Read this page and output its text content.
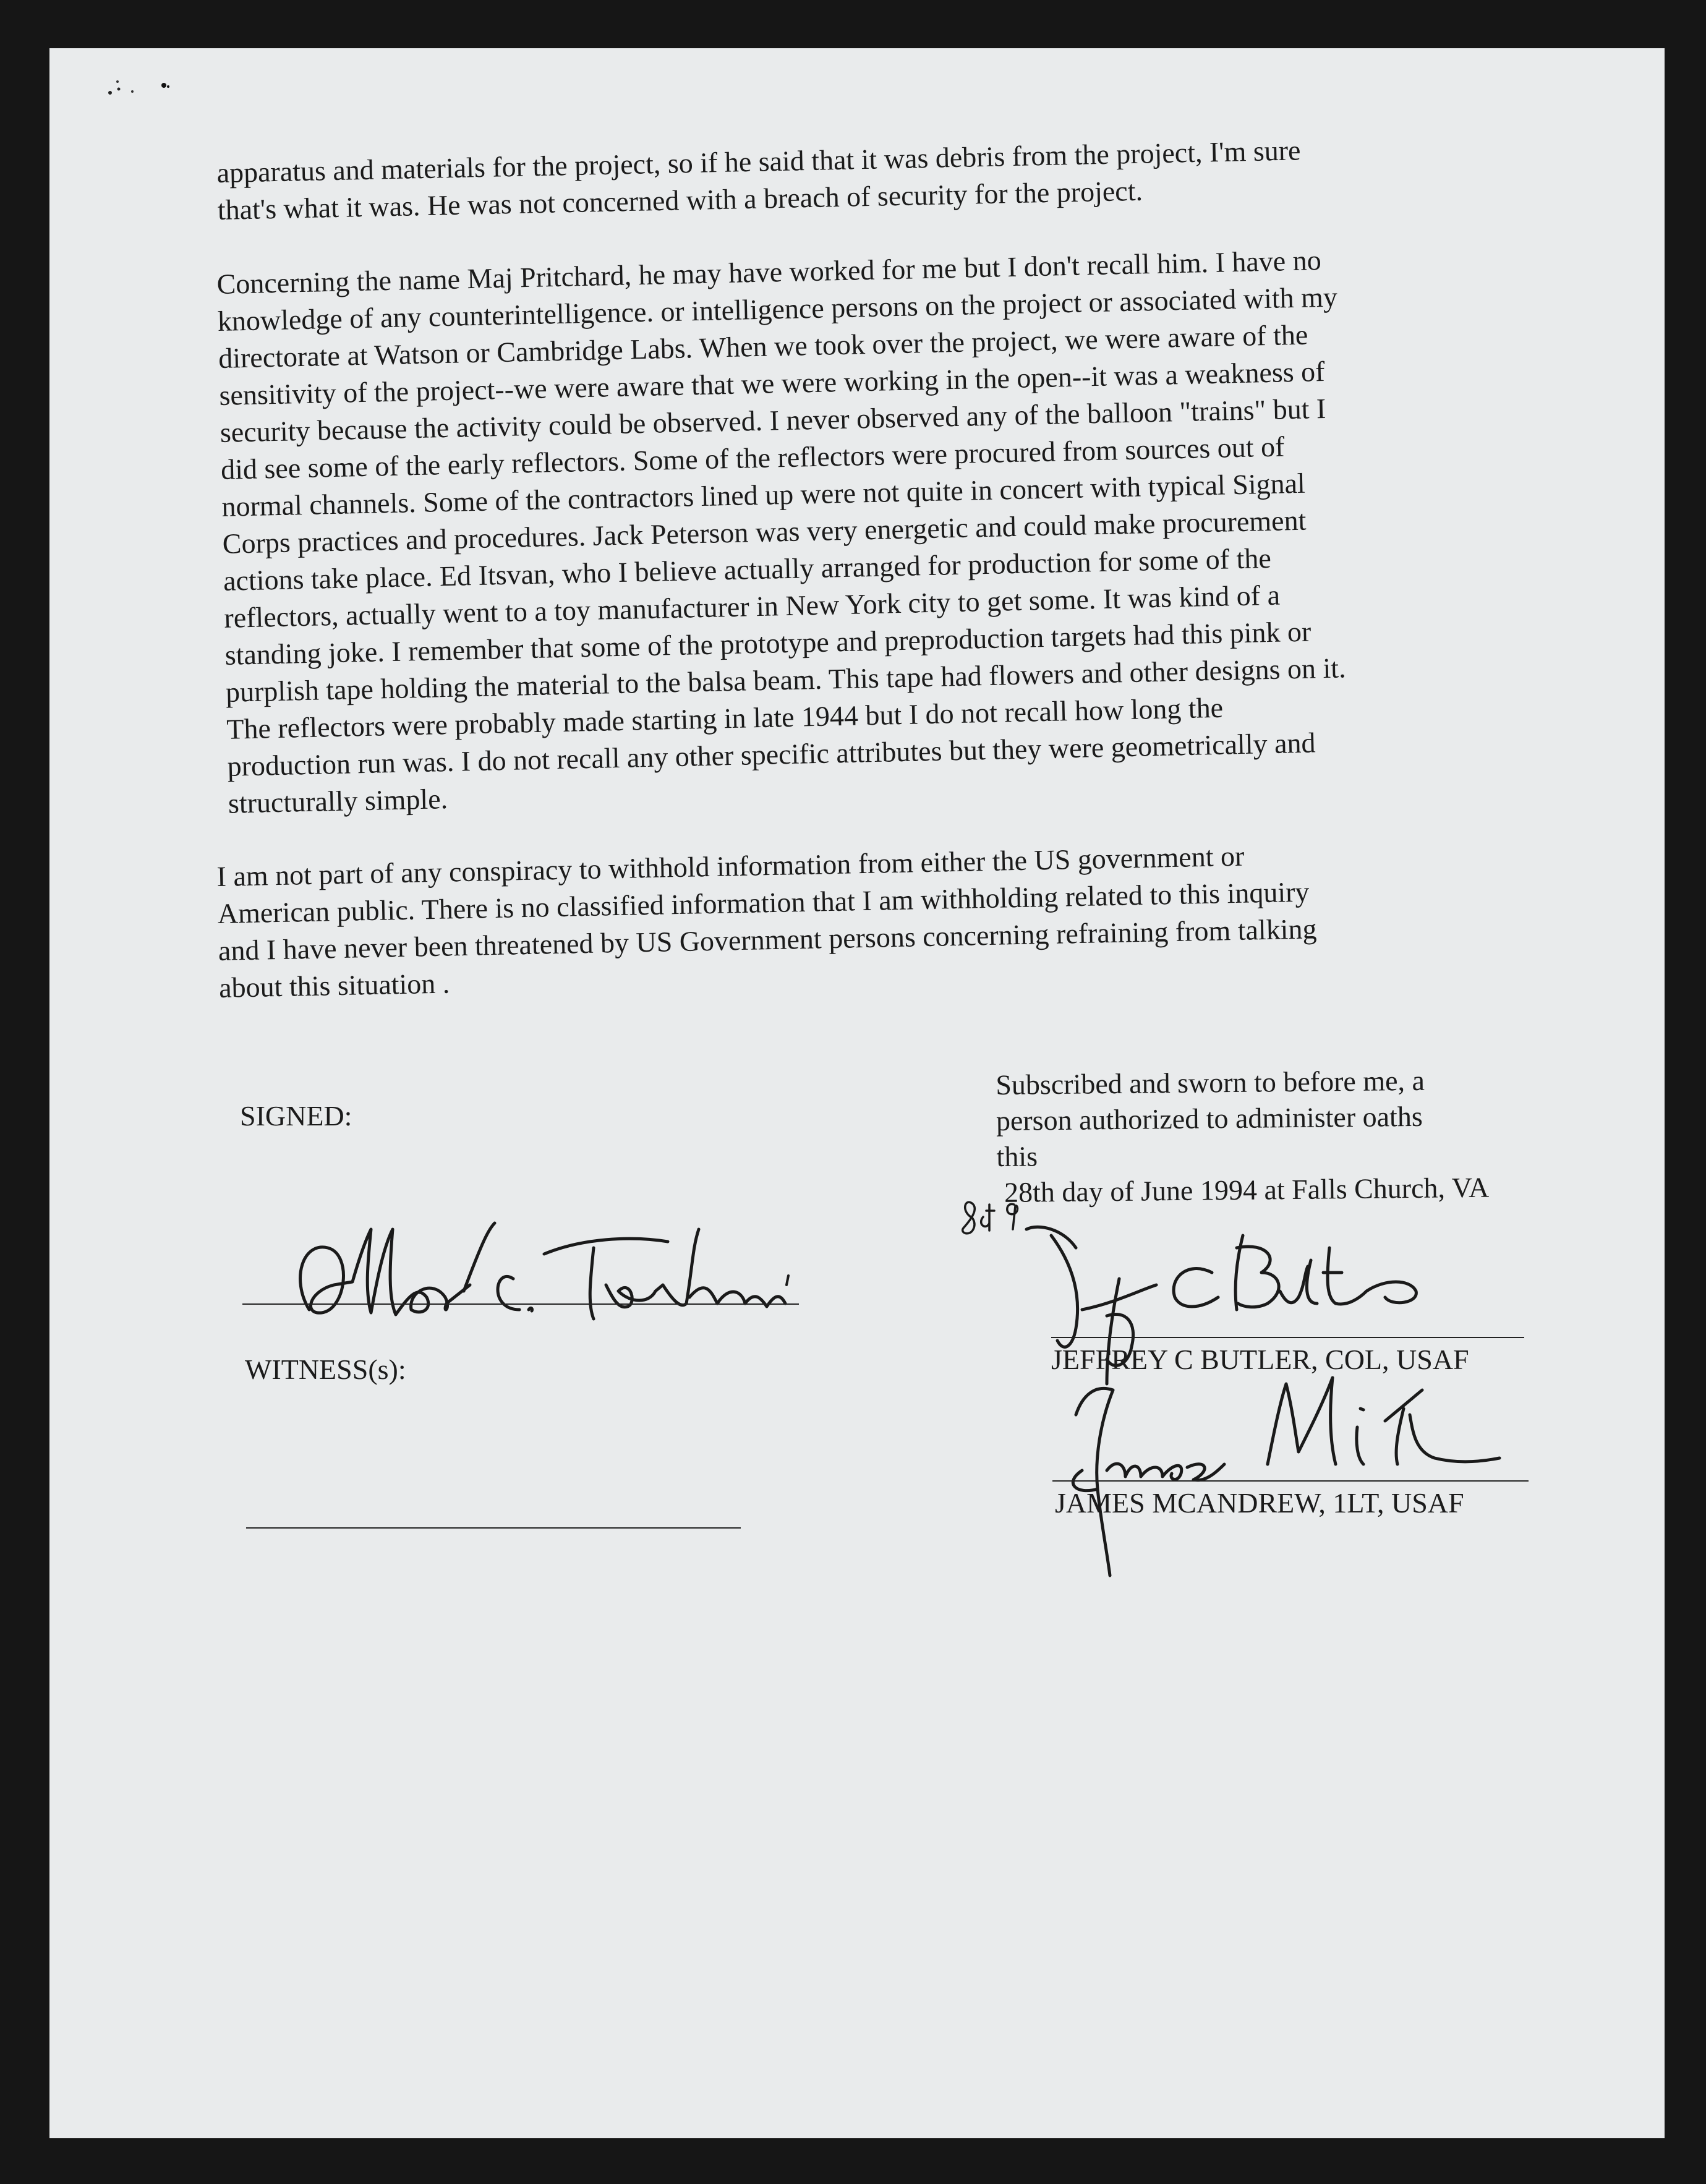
apparatus and materials for the project, so if he said that it was debris from the project, I'm sure
that's what it was. He was not concerned with a breach of security for the project.

Concerning the name Maj Pritchard, he may have worked for me but I don't recall him. I have no
knowledge of any counterintelligence. or intelligence persons on the project or associated with my
directorate at Watson or Cambridge Labs. When we took over the project, we were aware of the
sensitivity of the project--we were aware that we were working in the open--it was a weakness of
security because the activity could be observed. I never observed any of the balloon "trains" but I
did see some of the early reflectors. Some of the reflectors were procured from sources out of
normal channels. Some of the contractors lined up were not quite in concert with typical Signal
Corps practices and procedures. Jack Peterson was very energetic and could make procurement
actions take place. Ed Itsvan, who I believe actually arranged for production for some of the
reflectors, actually went to a toy manufacturer in New York city to get some. It was kind of a
standing joke. I remember that some of the prototype and preproduction targets had this pink or
purplish tape holding the material to the balsa beam. This tape had flowers and other designs on it.
The reflectors were probably made starting in late 1944 but I do not recall how long the
production run was. I do not recall any other specific attributes but they were geometrically and
structurally simple.

I am not part of any conspiracy to withhold information from either the US government or
American public. There is no classified information that I am withholding related to this inquiry
and I have never been threatened by US Government persons concerning refraining from talking
about this situation .

SIGNED:
WITNESS(s):
Subscribed and sworn to before me, a
person authorized to administer oaths
this
28th day of June 1994 at Falls Church, VA
JEFFREY C BUTLER, COL, USAF
JAMES MCANDREW, 1LT, USAF
